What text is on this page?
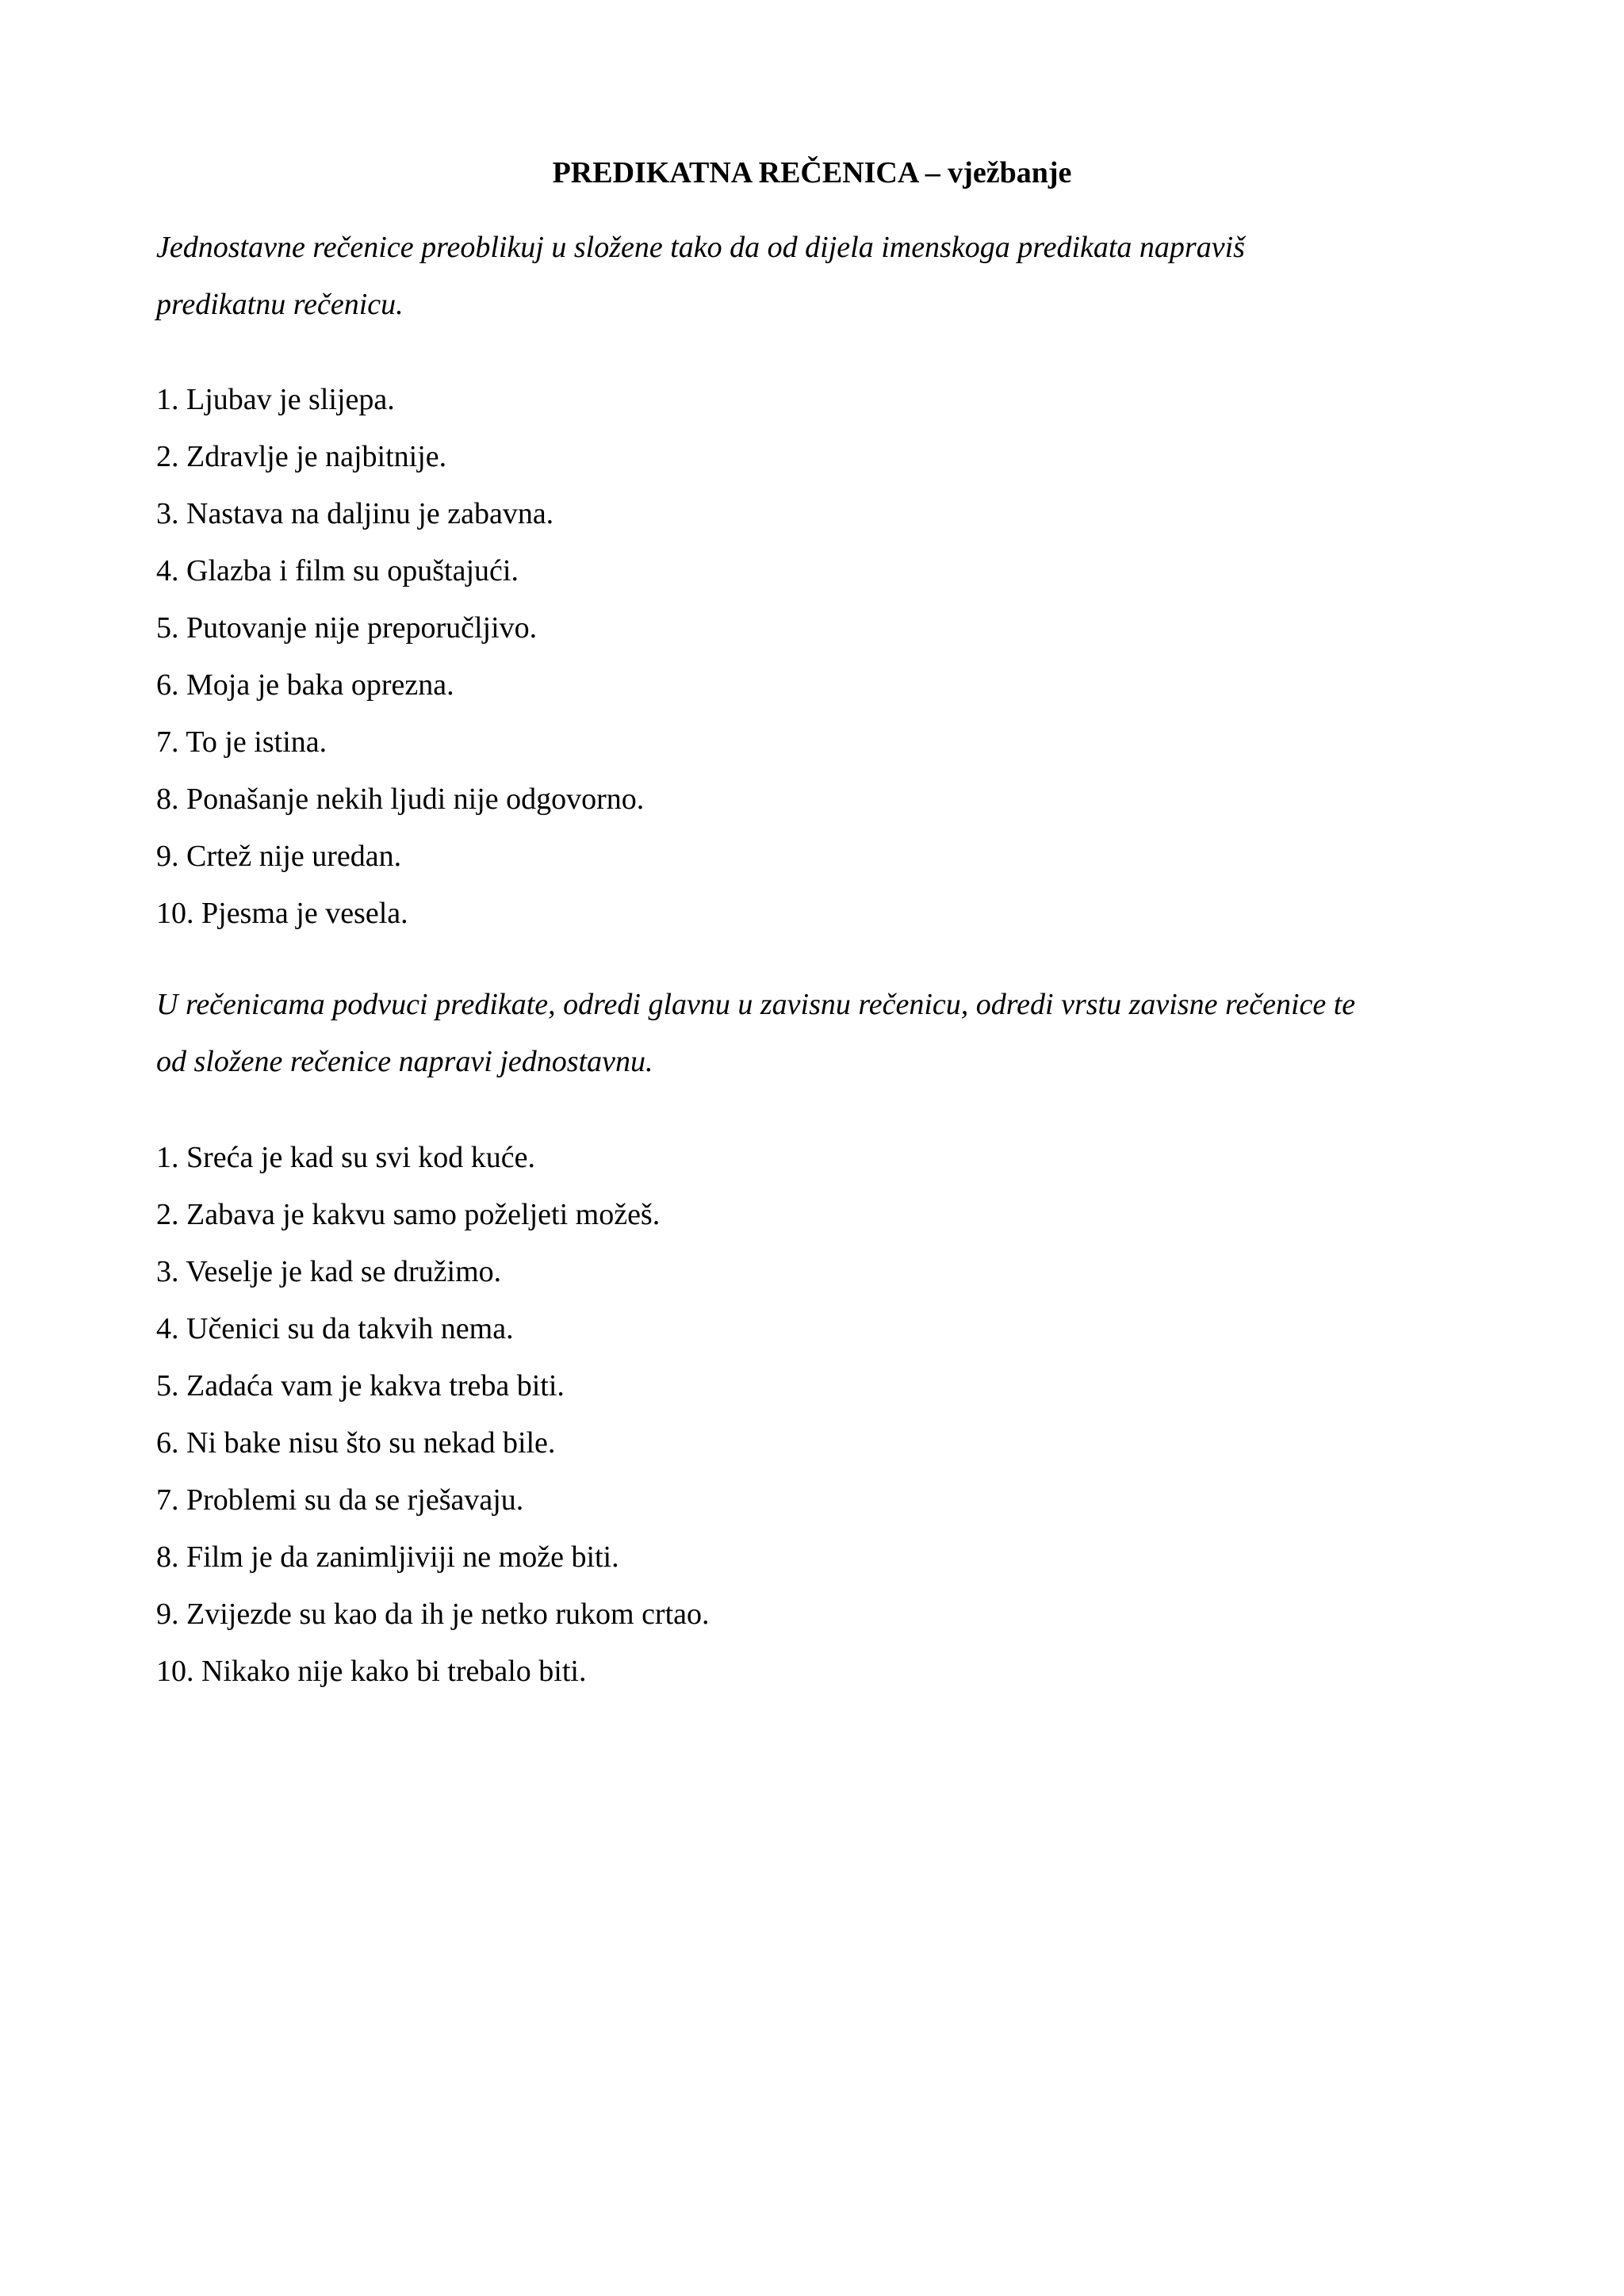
PREDIKATNA REČENICA – vježbanje
Jednostavne rečenice preoblikuj u složene tako da od dijela imenskoga predikata napraviš
predikatnu rečenicu.
1. Ljubav je slijepa.
2. Zdravlje je najbitnije.
3. Nastava na daljinu je zabavna.
4. Glazba i film su opuštajući.
5. Putovanje nije preporučljivo.
6. Moja je baka oprezna.
7. To je istina.
8. Ponašanje nekih ljudi nije odgovorno.
9. Crtež nije uredan.
10. Pjesma je vesela.
U rečenicama podvuci predikate, odredi glavnu u zavisnu rečenicu, odredi vrstu zavisne rečenice te
od složene rečenice napravi jednostavnu.
1. Sreća je kad su svi kod kuće.
2. Zabava je kakvu samo poželjeti možeš.
3. Veselje je kad se družimo.
4. Učenici su da takvih nema.
5. Zadaća vam je kakva treba biti.
6. Ni bake nisu što su nekad bile.
7. Problemi su da se rješavaju.
8. Film je da zanimljiviji ne može biti.
9. Zvijezde su kao da ih je netko rukom crtao.
10. Nikako nije kako bi trebalo biti.
